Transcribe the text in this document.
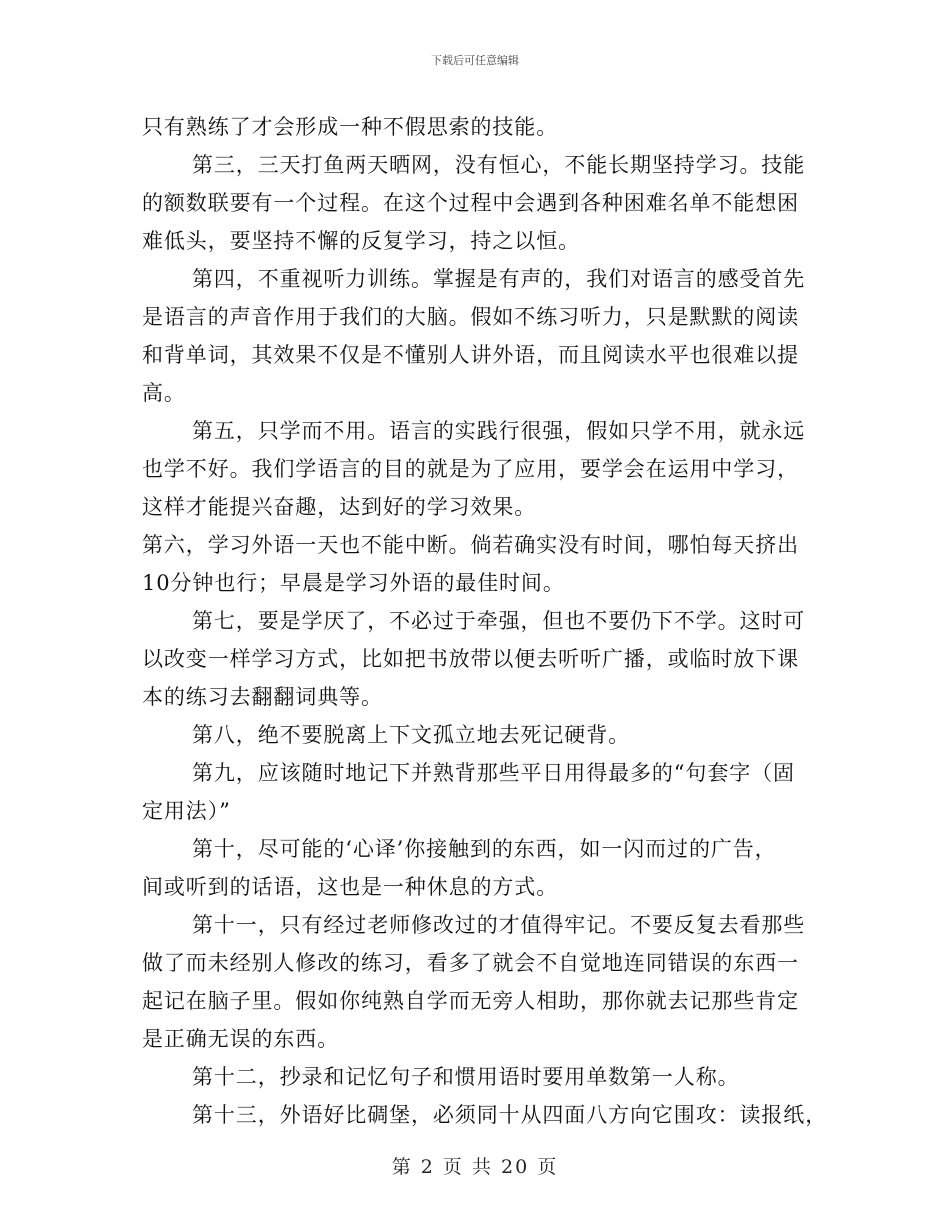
下载后可任意编辑
只有熟练了才会形成一种不假思索的技能。
第三，三天打鱼两天晒网，没有恒心，不能长期坚持学习。技能
的额数联要有一个过程。在这个过程中会遇到各种困难名单不能想困
难低头，要坚持不懈的反复学习，持之以恒。
第四，不重视听力训练。掌握是有声的，我们对语言的感受首先
是语言的声音作用于我们的大脑。假如不练习听力，只是默默的阅读
和背单词，其效果不仅是不懂别人讲外语，而且阅读水平也很难以提
高。
第五，只学而不用。语言的实践行很强，假如只学不用，就永远
也学不好。我们学语言的目的就是为了应用，要学会在运用中学习，
这样才能提兴奋趣，达到好的学习效果。
第六，学习外语一天也不能中断。倘若确实没有时间，哪怕每天挤出
10分钟也行；早晨是学习外语的最佳时间。
第七，要是学厌了，不必过于牵强，但也不要仍下不学。这时可
以改变一样学习方式，比如把书放带以便去听听广播，或临时放下课
本的练习去翻翻词典等。
第八，绝不要脱离上下文孤立地去死记硬背。
第九，应该随时地记下并熟背那些平日用得最多的“句套字（固
定用法）”
第十，尽可能的‘心译’你接触到的东西，如一闪而过的广告，
间或听到的话语，这也是一种休息的方式。
第十一，只有经过老师修改过的才值得牢记。不要反复去看那些
做了而未经别人修改的练习，看多了就会不自觉地连同错误的东西一
起记在脑子里。假如你纯熟自学而无旁人相助，那你就去记那些肯定
是正确无误的东西。
第十二，抄录和记忆句子和惯用语时要用单数第一人称。
第十三，外语好比碉堡，必须同十从四面八方向它围攻：读报纸，
第 2 页 共 20 页
